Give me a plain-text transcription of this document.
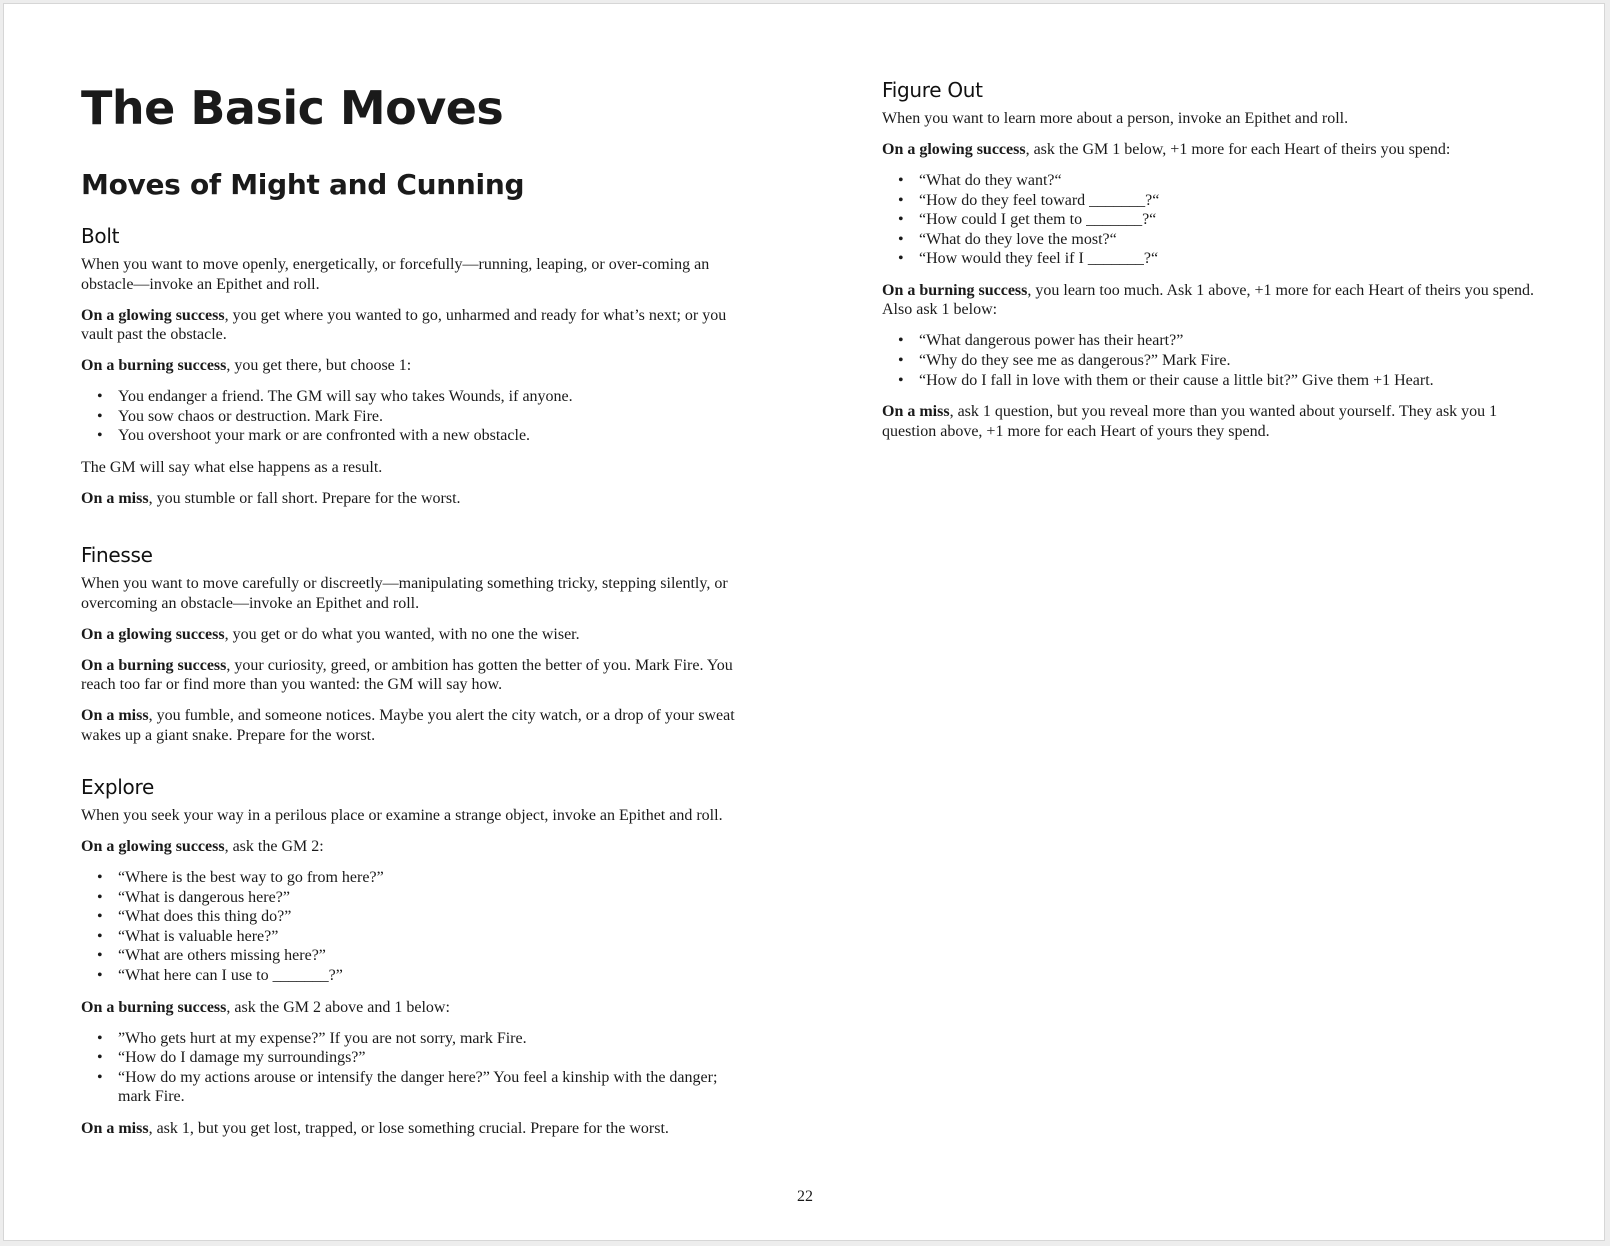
The Basic Moves
Moves of Might and Cunning
Bolt

When you want to move openly, energetically, or forcefully—running, leaping, or over-coming an obstacle—invoke an Epithet and roll.

On a glowing success, you get where you wanted to go, unharmed and ready for what’s next; or you vault past the obstacle.

On a burning success, you get there, but choose 1:

• You endanger a friend. The GM will say who takes Wounds, if anyone.
• You sow chaos or destruction. Mark Fire.
• You overshoot your mark or are confronted with a new obstacle.

The GM will say what else happens as a result.

On a miss, you stumble or fall short. Prepare for the worst.

Finesse

When you want to move carefully or discreetly—manipulating something tricky, stepping silently, or overcoming an obstacle—invoke an Epithet and roll.

On a glowing success, you get or do what you wanted, with no one the wiser.

On a burning success, your curiosity, greed, or ambition has gotten the better of you. Mark Fire. You reach too far or find more than you wanted: the GM will say how.

On a miss, you fumble, and someone notices. Maybe you alert the city watch, or a drop of your sweat wakes up a giant snake. Prepare for the worst.

Explore

When you seek your way in a perilous place or examine a strange object, invoke an Epithet and roll.

On a glowing success, ask the GM 2:

• “Where is the best way to go from here?”
• “What is dangerous here?”
• “What does this thing do?”
• “What is valuable here?”
• “What are others missing here?”
• “What here can I use to _______?”

On a burning success, ask the GM 2 above and 1 below:

• ”Who gets hurt at my expense?” If you are not sorry, mark Fire.
• “How do I damage my surroundings?”
• “How do my actions arouse or intensify the danger here?” You feel a kinship with the danger; mark Fire.

On a miss, ask 1, but you get lost, trapped, or lose something crucial. Prepare for the worst.

Figure Out

When you want to learn more about a person, invoke an Epithet and roll.

On a glowing success, ask the GM 1 below, +1 more for each Heart of theirs you spend:

• “What do they want?“
• “How do they feel toward _______?“
• “How could I get them to _______?“
• “What do they love the most?“
• “How would they feel if I _______?“

On a burning success, you learn too much. Ask 1 above, +1 more for each Heart of theirs you spend. Also ask 1 below:

• “What dangerous power has their heart?”
• “Why do they see me as dangerous?” Mark Fire.
• “How do I fall in love with them or their cause a little bit?” Give them +1 Heart.

On a miss, ask 1 question, but you reveal more than you wanted about yourself. They ask you 1 question above, +1 more for each Heart of yours they spend.

22
